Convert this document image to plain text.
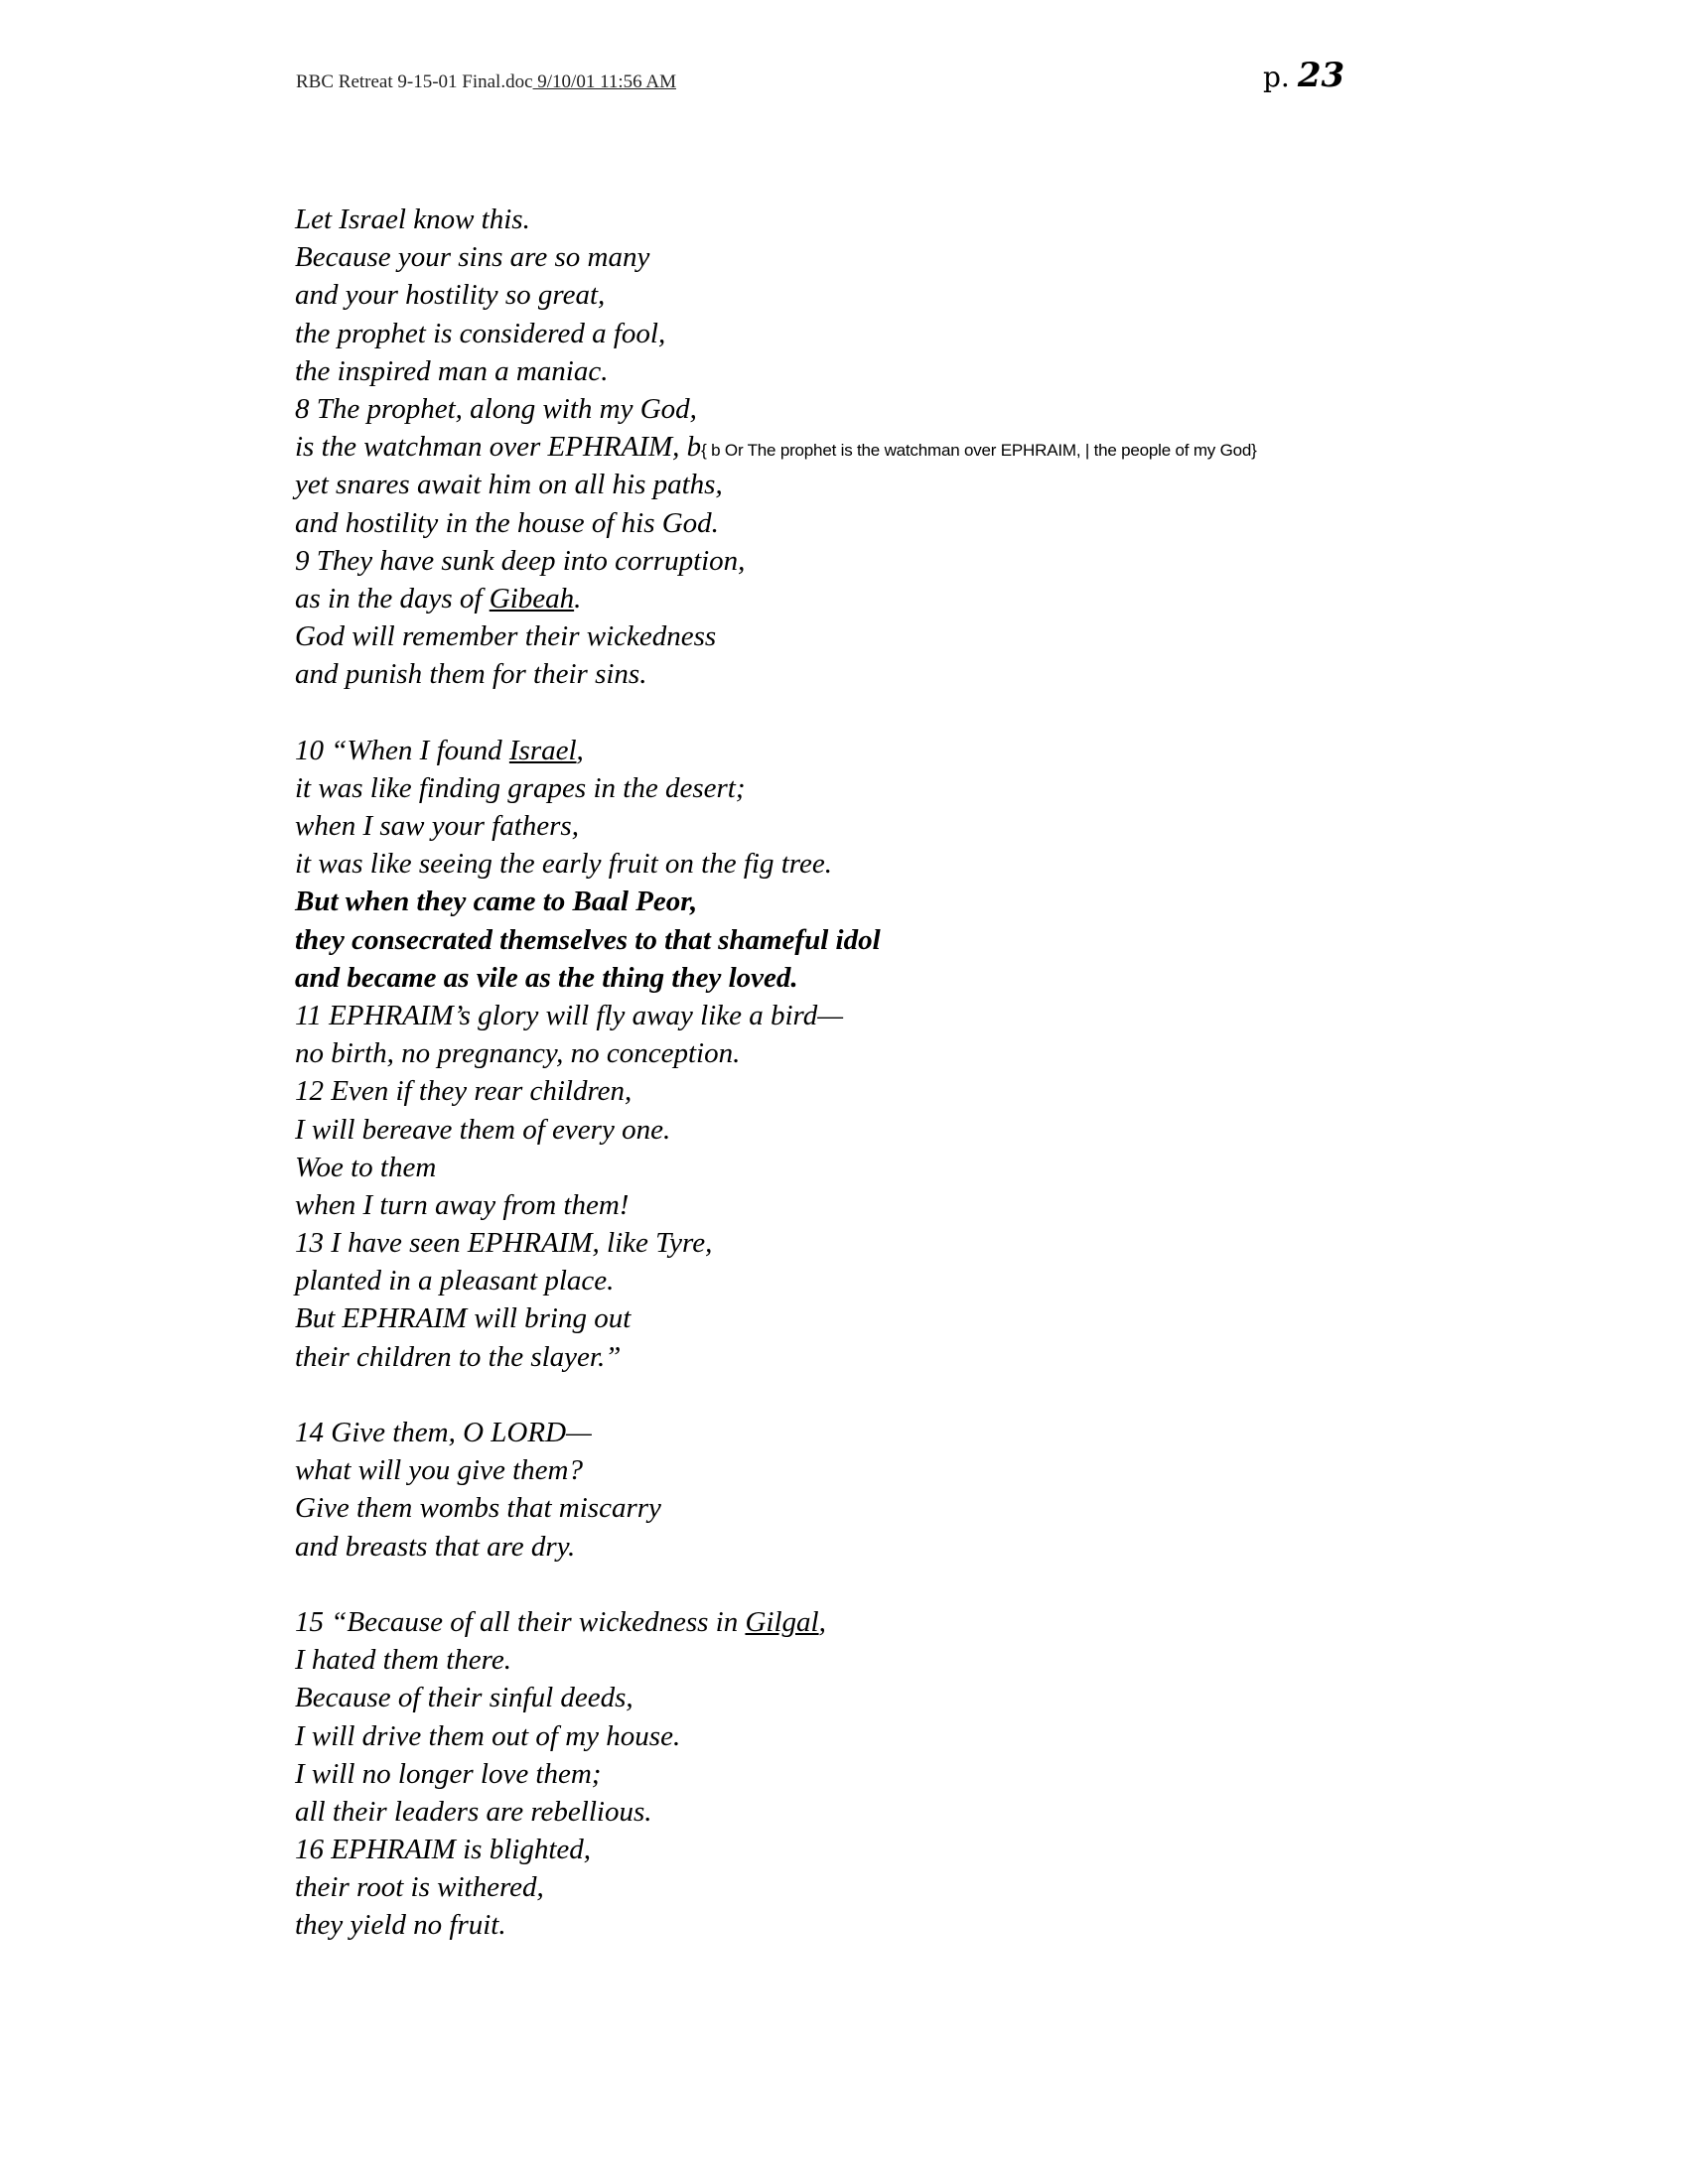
RBC Retreat 9-15-01 Final.doc 9/10/01 11:56 AM	p. 23
Let Israel know this.
Because your sins are so many
and your hostility so great,
the prophet is considered a fool,
the inspired man a maniac.
8 The prophet, along with my God,
is the watchman over EPHRAIM, b{ b Or The prophet is the watchman over EPHRAIM, | the people of my God}
yet snares await him on all his paths,
and hostility in the house of his God.
9 They have sunk deep into corruption,
as in the days of Gibeah.
God will remember their wickedness
and punish them for their sins.
10 “When I found Israel,
it was like finding grapes in the desert;
when I saw your fathers,
it was like seeing the early fruit on the fig tree.
But when they came to Baal Peor,
they consecrated themselves to that shameful idol
and became as vile as the thing they loved.
11 EPHRAIM’s glory will fly away like a bird—
no birth, no pregnancy, no conception.
12 Even if they rear children,
I will bereave them of every one.
Woe to them
when I turn away from them!
13 I have seen EPHRAIM, like Tyre,
planted in a pleasant place.
But EPHRAIM will bring out
their children to the slayer.”
14 Give them, O LORD—
what will you give them?
Give them wombs that miscarry
and breasts that are dry.
15 “Because of all their wickedness in Gilgal,
I hated them there.
Because of their sinful deeds,
I will drive them out of my house.
I will no longer love them;
all their leaders are rebellious.
16 EPHRAIM is blighted,
their root is withered,
they yield no fruit.
